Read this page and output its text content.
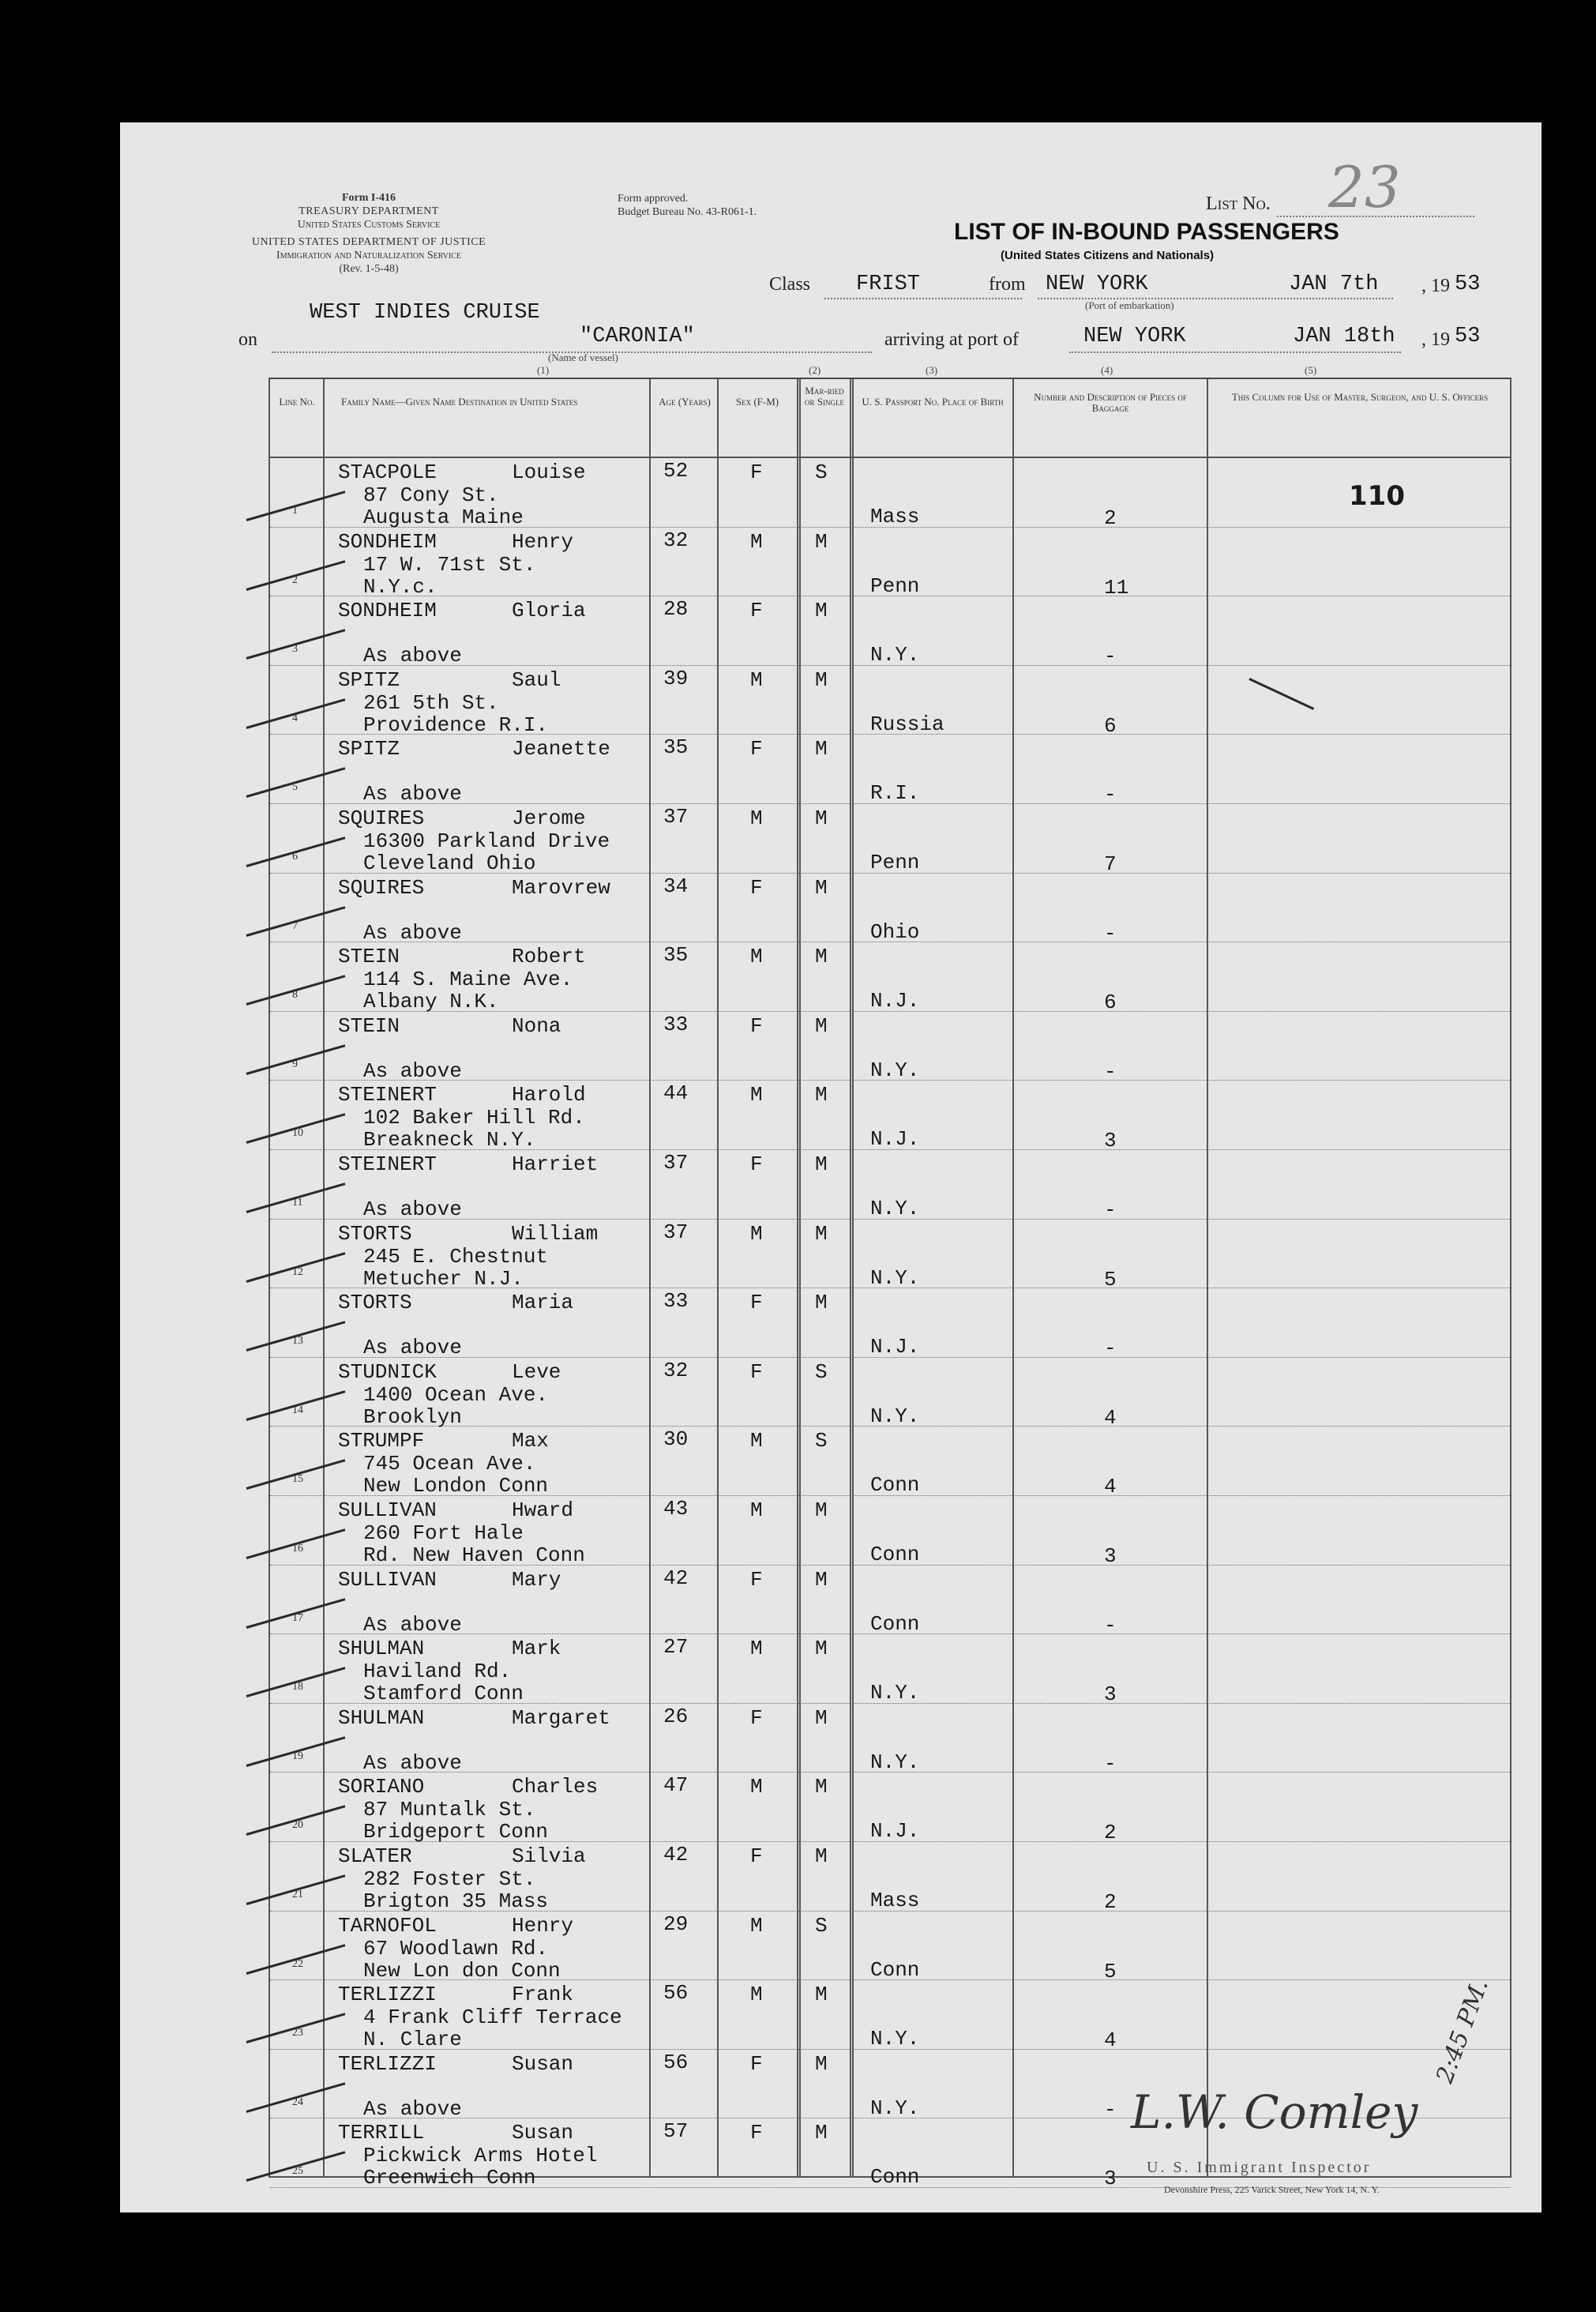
Form I-416
TREASURY DEPARTMENT
United States Customs Service
UNITED STATES DEPARTMENT OF JUSTICE
Immigration and Naturalization Service
(Rev. 1-5-48)
Form approved.
Budget Bureau No. 43-R061-1.	List No. 23
LIST OF IN-BOUND PASSENGERS
(United States Citizens and Nationals)
Class FRIST	from NEW YORK
(Port of embarkation)
JAN 7th , 19 53
WEST INDIES CRUISE
on	"CARONIA"
(Name of vessel)
arriving at port of	NEW YORK	JAN 18th , 19 53
(1)	(2)	(3)	(4)	(5)
Line No.	Family Name—Given Name Destination in United States	Age (Years)	Sex (F-M)
Mar-ried or Single	U. S. Passport No. Place of Birth	Number and Description of Pieces of Baggage
This Column for Use of Master, Surgeon, and U. S. Officers
1
STACPOLE	Louise
87 Cony St.
Augusta Maine
52	F	S
Mass	2
2
SONDHEIM	Henry
17 W. 71st St.
N.Y.c.
32	M	M
Penn	11
3
SONDHEIM	Gloria
As above
28	F	M
N.Y.	-
4
SPITZ	Saul
261 5th St.
Providence R.I.
39	M	M
Russia	6
5
SPITZ	Jeanette
As above
35	F	M
R.I.	-
6
SQUIRES	Jerome
16300 Parkland Drive
Cleveland Ohio
37	M	M
Penn	7
7
SQUIRES	Marovrew
As above
34	F	M
Ohio	-
8
STEIN	Robert
114 S. Maine Ave.
Albany N.K.
35	M	M
N.J.	6
9
STEIN	Nona
As above
33	F	M
N.Y.	-
10
STEINERT	Harold
102 Baker Hill Rd.
Breakneck N.Y.
44	M	M
N.J.	3
11
STEINERT	Harriet
As above
37	F	M
N.Y.	-
12
STORTS	William
245 E. Chestnut
Metucher N.J.
37	M	M
N.Y.	5
13
STORTS	Maria
As above
33	F	M
N.J.	-
14
STUDNICK	Leve
1400 Ocean Ave.
Brooklyn
32	F	S
N.Y.	4
15
STRUMPF	Max
745 Ocean Ave.
New London Conn
30	M	S
Conn	4
16
SULLIVAN	Hward
260 Fort Hale
Rd. New Haven Conn
43	M	M
Conn	3
17
SULLIVAN	Mary
As above
42	F	M
Conn	-
18
SHULMAN	Mark
Haviland Rd.
Stamford Conn
27	M	M
N.Y.	3
19
SHULMAN	Margaret
As above
26	F	M
N.Y.	-
20
SORIANO	Charles
87 Muntalk St.
Bridgeport Conn
47	M	M
N.J.	2
21
SLATER	Silvia
282 Foster St.
Brigton 35 Mass
42	F	M
Mass	2
22
TARNOFOL	Henry
67 Woodlawn Rd.
New Lon don Conn
29	M	S
Conn	5
23
TERLIZZI	Frank
4 Frank Cliff Terrace
N. Clare
56	M	M
N.Y.	4
24
TERLIZZI	Susan
As above
56	F	M
N.Y.	-
25
TERRILL	Susan
Pickwick Arms Hotel
Greenwich Conn
57	F	M
Conn	3
110
L.W. Comley
2:45 PM.
U. S. Immigrant Inspector
Devonshire Press, 225 Varick Street, New York 14, N. Y.
